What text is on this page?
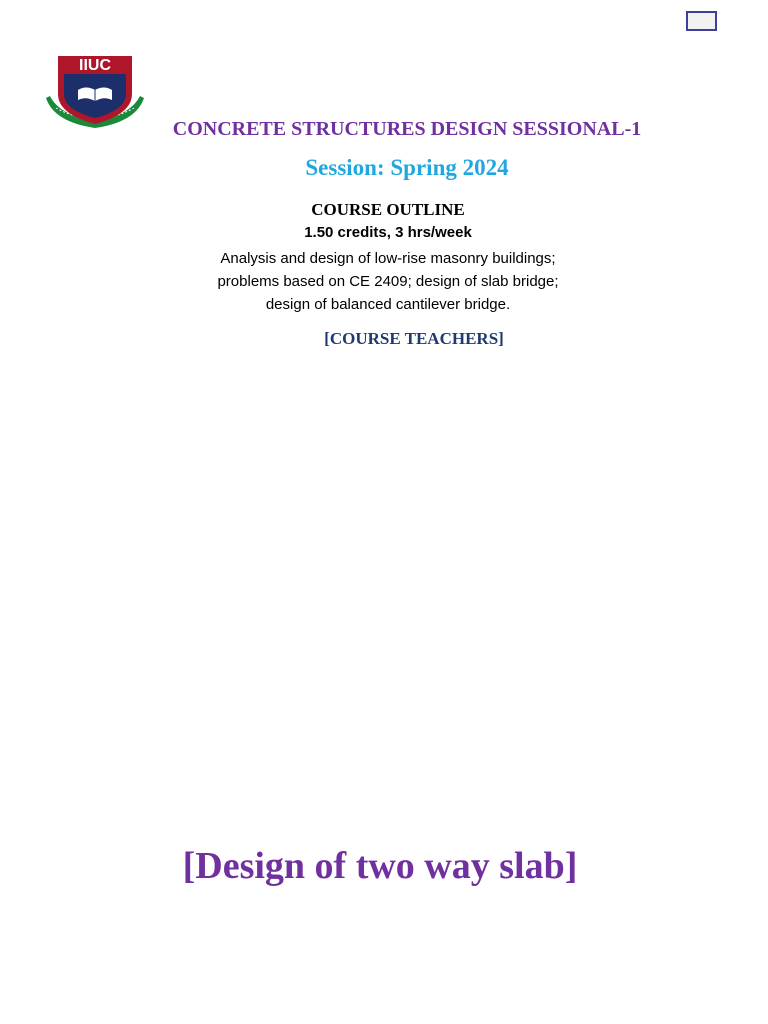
IIUC
CONCRETE STRUCTURES DESIGN SESSIONAL-1
Session: Spring 2024
COURSE OUTLINE
1.50 credits, 3 hrs/week
Analysis and design of low-rise masonry buildings;
problems based on CE 2409; design of slab bridge;
design of balanced cantilever bridge.
[COURSE TEACHERS]
[Design of two way slab]
